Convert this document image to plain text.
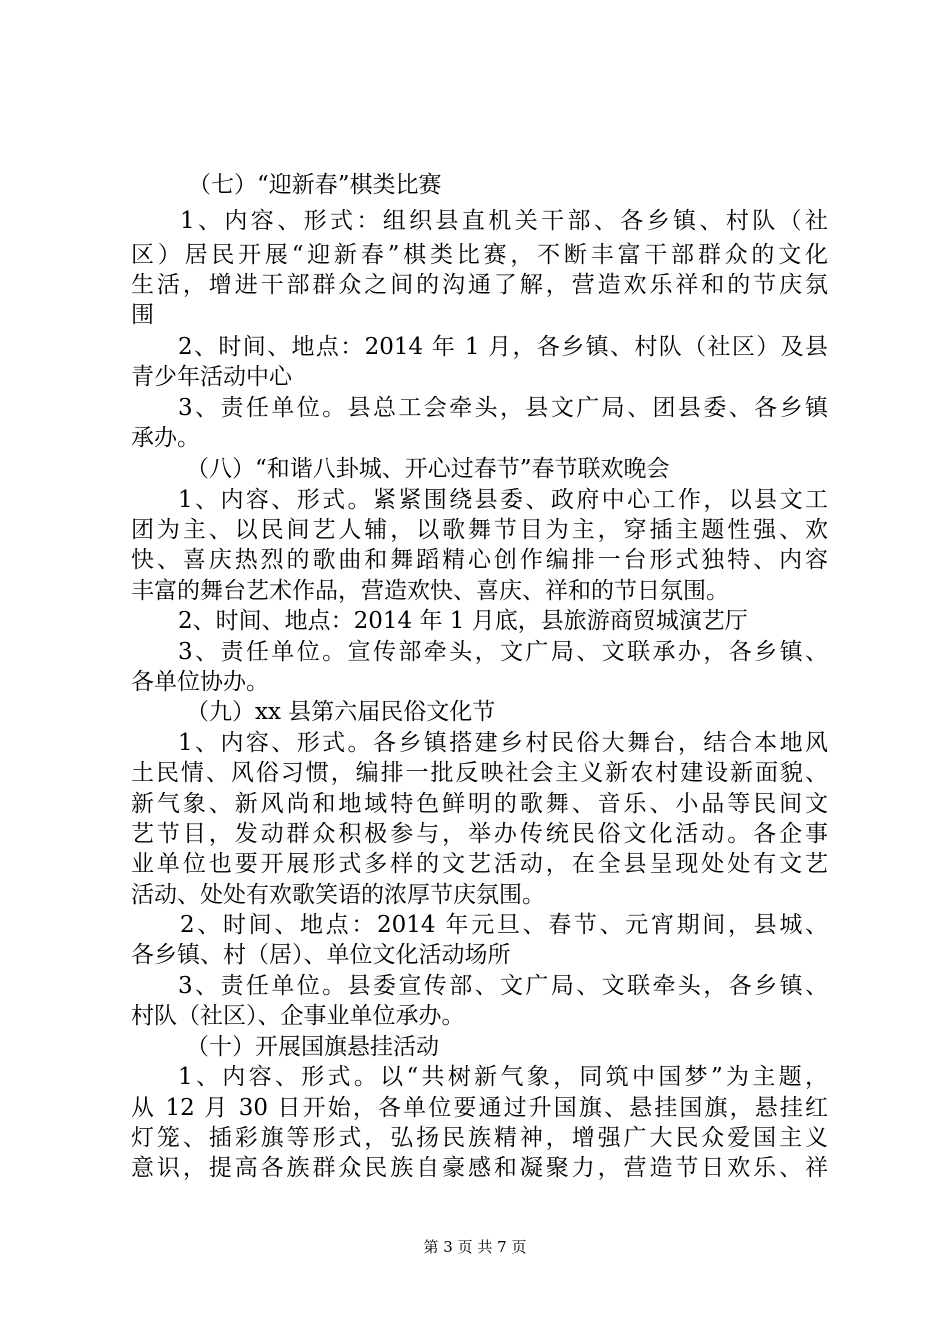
（七）“迎新春”棋类比赛
1、内容、形式：组织县直机关干部、各乡镇、村队（社
区）居民开展“迎新春”棋类比赛，不断丰富干部群众的文化
生活，增进干部群众之间的沟通了解，营造欢乐祥和的节庆氛
围
2、时间、地点：2014 年 1 月，各乡镇、村队（社区）及县
青少年活动中心
3、责任单位。县总工会牵头，县文广局、团县委、各乡镇
承办。
（八）“和谐八卦城、开心过春节”春节联欢晚会
1、内容、形式。紧紧围绕县委、政府中心工作，以县文工
团为主、以民间艺人辅，以歌舞节目为主，穿插主题性强、欢
快、喜庆热烈的歌曲和舞蹈精心创作编排一台形式独特、内容
丰富的舞台艺术作品，营造欢快、喜庆、祥和的节日氛围。
2、时间、地点：2014 年 1 月底，县旅游商贸城演艺厅
3、责任单位。宣传部牵头，文广局、文联承办，各乡镇、
各单位协办。
（九）xx 县第六届民俗文化节
1、内容、形式。各乡镇搭建乡村民俗大舞台，结合本地风
土民情、风俗习惯，编排一批反映社会主义新农村建设新面貌、
新气象、新风尚和地域特色鲜明的歌舞、音乐、小品等民间文
艺节目，发动群众积极参与，举办传统民俗文化活动。各企事
业单位也要开展形式多样的文艺活动，在全县呈现处处有文艺
活动、处处有欢歌笑语的浓厚节庆氛围。
2、时间、地点：2014 年元旦、春节、元宵期间，县城、
各乡镇、村（居）、单位文化活动场所
3、责任单位。县委宣传部、文广局、文联牵头，各乡镇、
村队（社区）、企事业单位承办。
（十）开展国旗悬挂活动
1、内容、形式。以“共树新气象，同筑中国梦”为主题，
从 12 月 30 日开始，各单位要通过升国旗、悬挂国旗，悬挂红
灯笼、插彩旗等形式，弘扬民族精神，增强广大民众爱国主义
意识，提高各族群众民族自豪感和凝聚力，营造节日欢乐、祥
第 3 页 共 7 页
